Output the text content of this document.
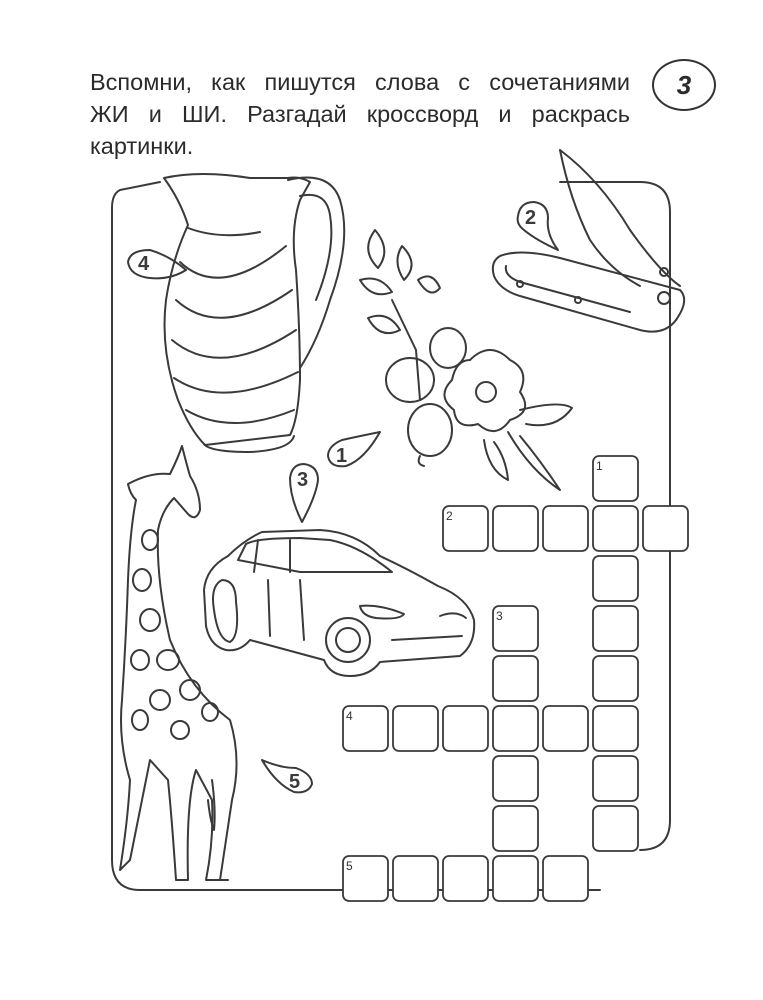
Вспомни, как пишутся слова с сочетаниями
ЖИ и ШИ. Разгадай кроссворд и раскрась
картинки.
3
4
2
1
3
5
1
2
3
4
5
